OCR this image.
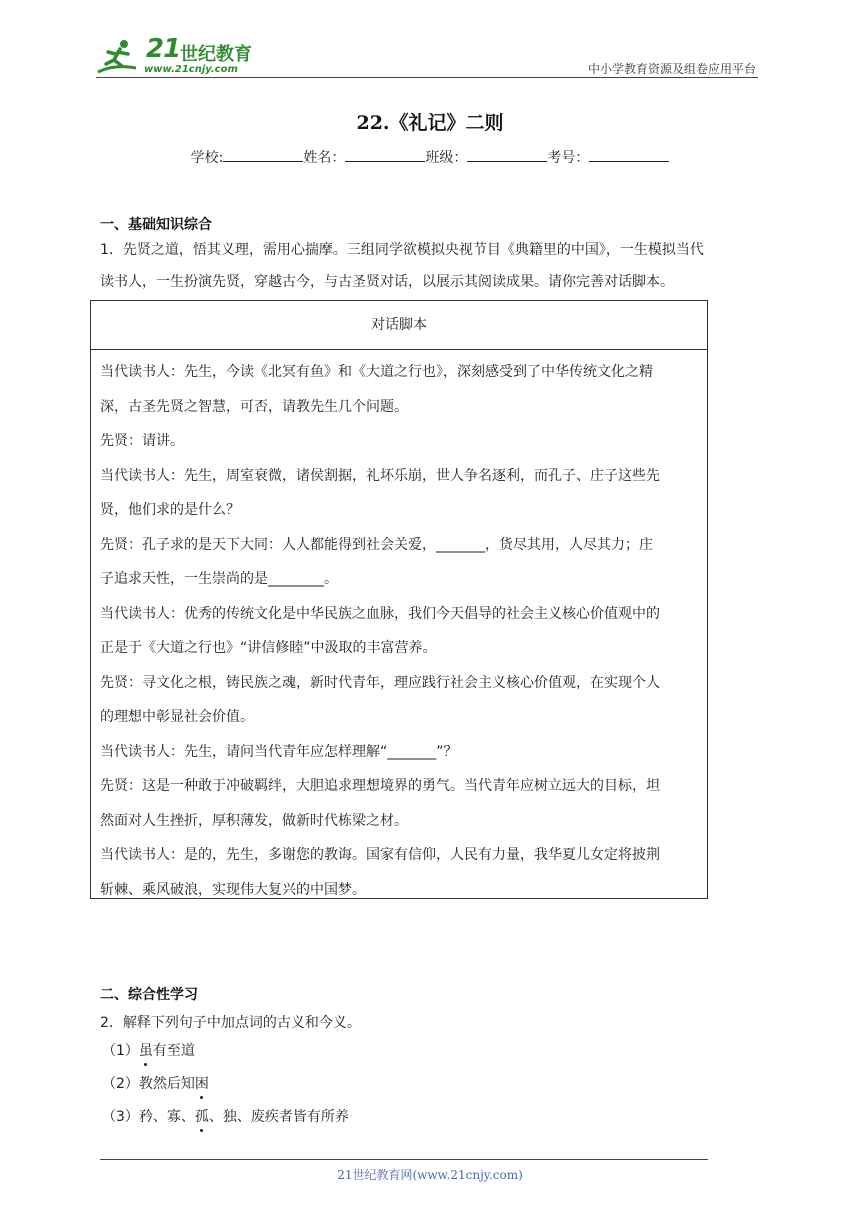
21 世纪教育
www.21cnjy.com	中小学教育资源及组卷应用平台
22.《礼记》二则
学校:	姓名：	班级：	考号：
一、基础知识综合
1．先贤之道，悟其义理，需用心揣摩。三组同学欲模拟央视节目《典籍里的中国》，一生模拟当代
读书人，一生扮演先贤，穿越古今，与古圣贤对话，以展示其阅读成果。请你完善对话脚本。
对话脚本

当代读书人：先生，今读《北冥有鱼》和《大道之行也》，深刻感受到了中华传统文化之精

深，古圣先贤之智慧，可否，请教先生几个问题。

先贤：请讲。

当代读书人：先生，周室衰微，诸侯割据，礼坏乐崩，世人争名逐利，而孔子、庄子这些先

贤，他们求的是什么？

先贤：孔子求的是天下大同：人人都能得到社会关爱，_______，货尽其用，人尽其力；庄

子追求天性，一生崇尚的是________。

当代读书人：优秀的传统文化是中华民族之血脉，我们今天倡导的社会主义核心价值观中的

正是于《大道之行也》“讲信修睦”中汲取的丰富营养。

先贤：寻文化之根，铸民族之魂，新时代青年，理应践行社会主义核心价值观，在实现个人

的理想中彰显社会价值。

当代读书人：先生，请问当代青年应怎样理解“_______”？

先贤：这是一种敢于冲破羁绊，大胆追求理想境界的勇气。当代青年应树立远大的目标，坦

然面对人生挫折，厚积薄发，做新时代栋梁之材。

当代读书人：是的，先生，多谢您的教诲。国家有信仰，人民有力量，我华夏儿女定将披荆

斩棘、乘风破浪，实现伟大复兴的中国梦。

二、综合性学习
2．解释下列句子中加点词的古义和今义。
（1）虽有至道
（2）教然后知困
（3）矜、寡、孤、独、废疾者皆有所养
21世纪教育网(www.21cnjy.com)
